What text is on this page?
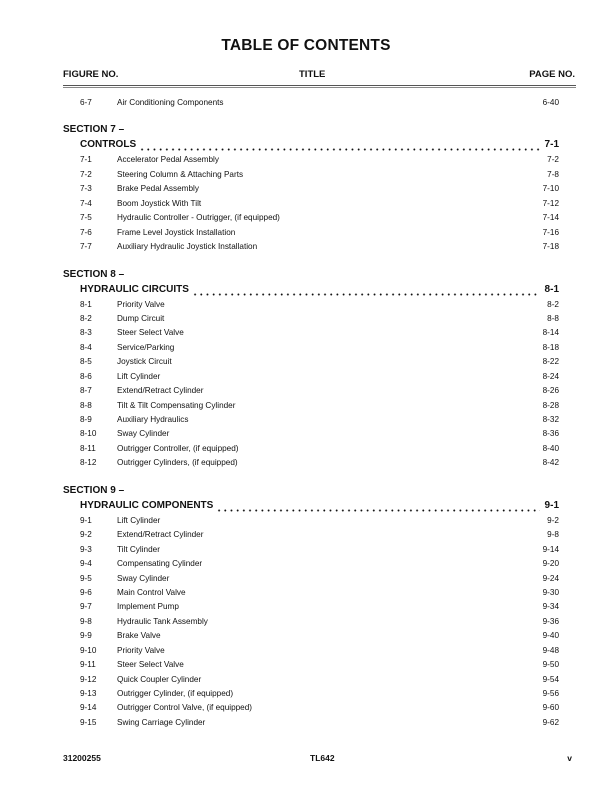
TABLE OF CONTENTS
FIGURE NO.	TITLE	PAGE NO.
6-7	Air Conditioning Components	6-40
SECTION 7 –
CONTROLS	7-1
7-1	Accelerator Pedal Assembly	7-2
7-2	Steering Column & Attaching Parts	7-8
7-3	Brake Pedal Assembly	7-10
7-4	Boom Joystick With Tilt	7-12
7-5	Hydraulic Controller - Outrigger, (if equipped)	7-14
7-6	Frame Level Joystick Installation	7-16
7-7	Auxiliary Hydraulic Joystick Installation	7-18
SECTION 8 –
HYDRAULIC CIRCUITS	8-1
8-1	Priority Valve	8-2
8-2	Dump Circuit	8-8
8-3	Steer Select Valve	8-14
8-4	Service/Parking	8-18
8-5	Joystick Circuit	8-22
8-6	Lift Cylinder	8-24
8-7	Extend/Retract Cylinder	8-26
8-8	Tilt & Tilt Compensating Cylinder	8-28
8-9	Auxiliary Hydraulics	8-32
8-10	Sway Cylinder	8-36
8-11	Outrigger Controller, (if equipped)	8-40
8-12	Outrigger Cylinders, (if equipped)	8-42
SECTION 9 –
HYDRAULIC COMPONENTS	9-1
9-1	Lift Cylinder	9-2
9-2	Extend/Retract Cylinder	9-8
9-3	Tilt Cylinder	9-14
9-4	Compensating Cylinder	9-20
9-5	Sway Cylinder	9-24
9-6	Main Control Valve	9-30
9-7	Implement Pump	9-34
9-8	Hydraulic Tank Assembly	9-36
9-9	Brake Valve	9-40
9-10	Priority Valve	9-48
9-11	Steer Select Valve	9-50
9-12	Quick Coupler Cylinder	9-54
9-13	Outrigger Cylinder, (if equipped)	9-56
9-14	Outrigger Control Valve, (if equipped)	9-60
9-15	Swing Carriage Cylinder	9-62
31200255	TL642	v
